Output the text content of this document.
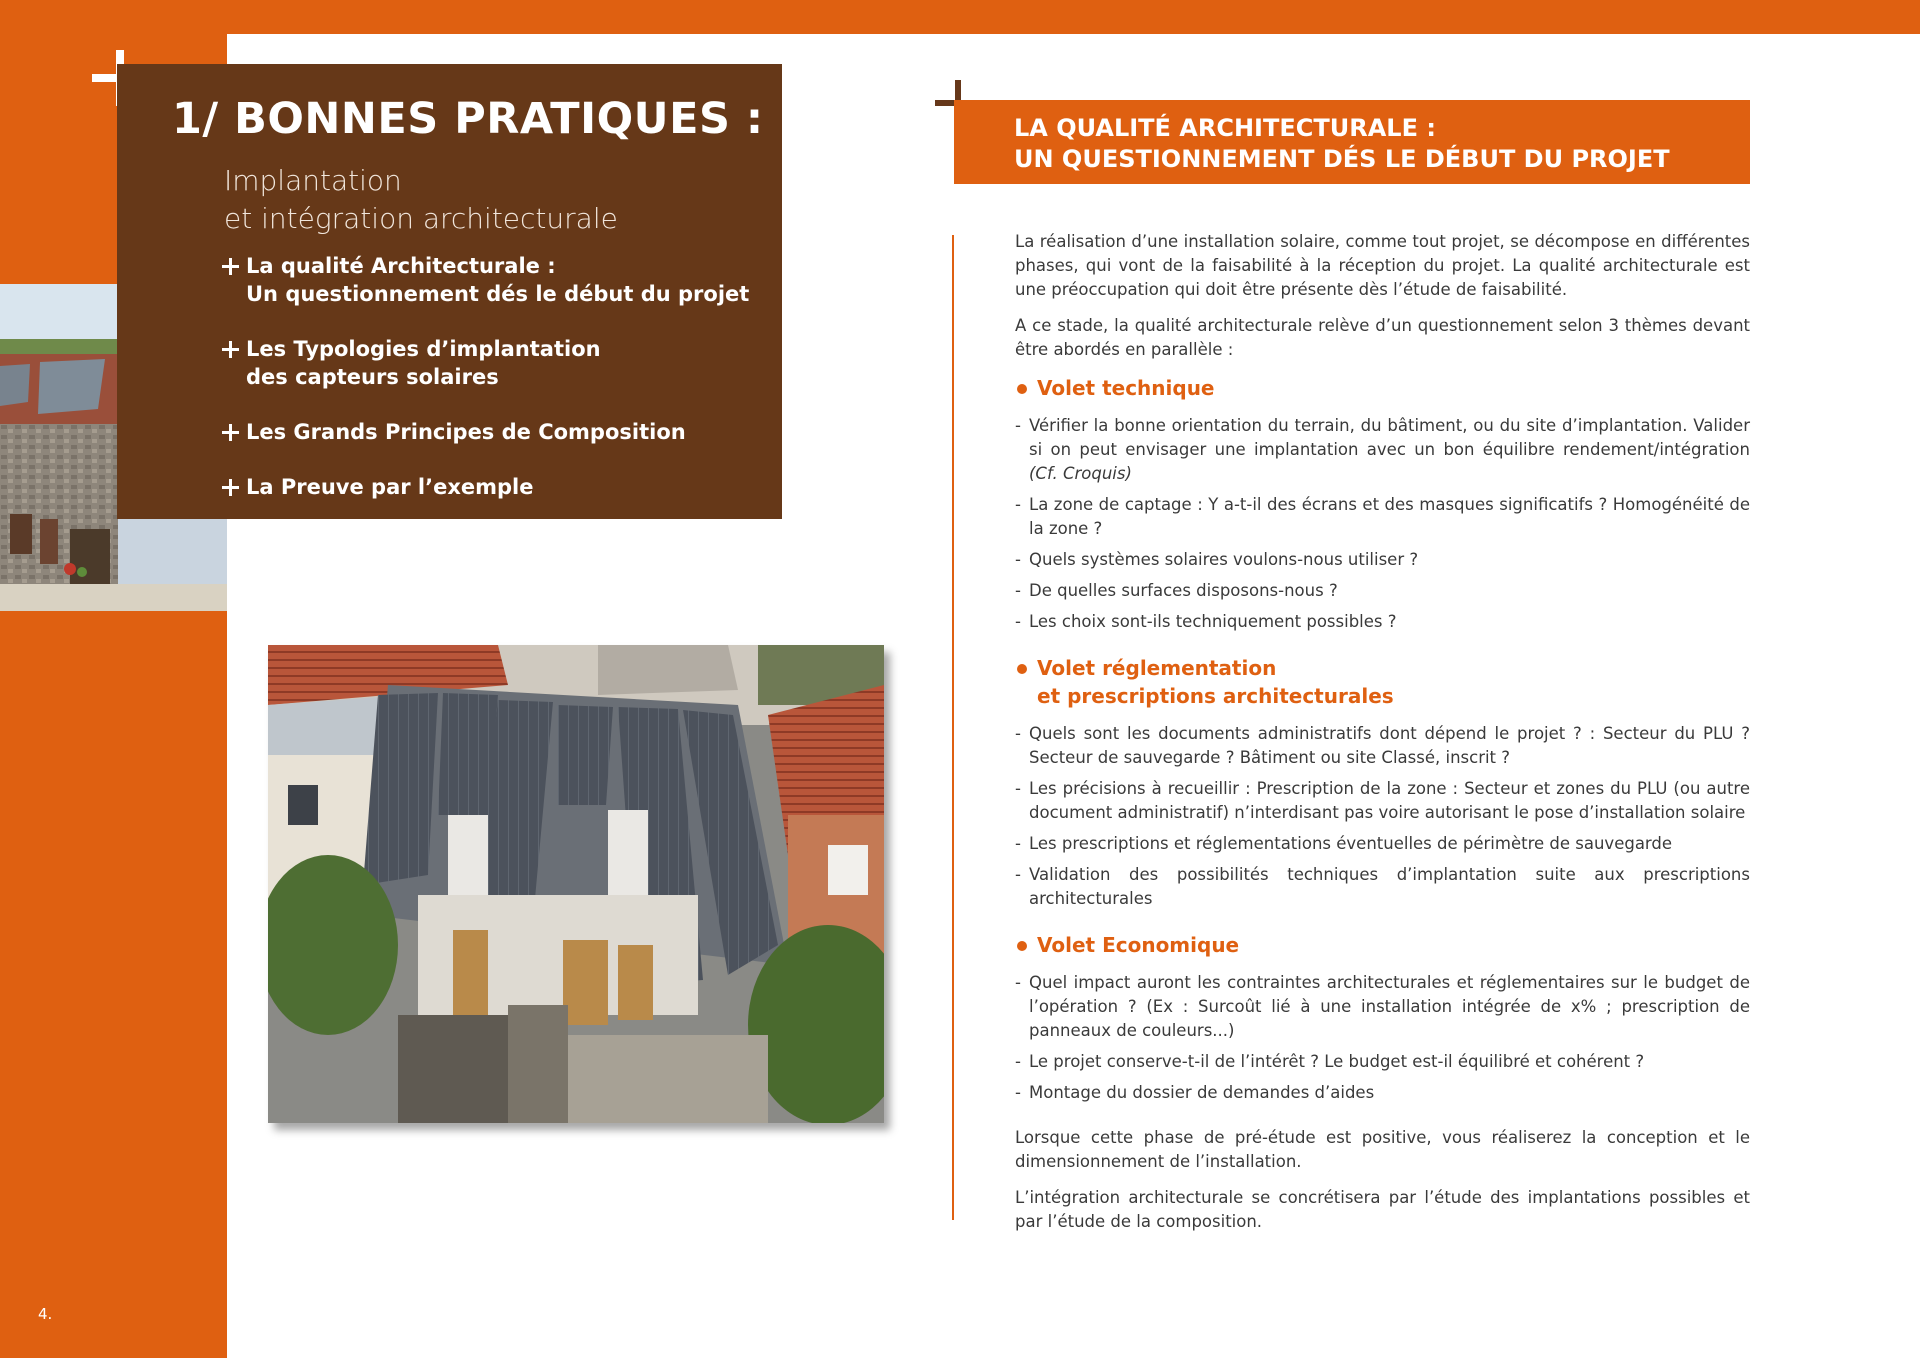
1/ BONNES PRATIQUES :
Implantation
et intégration architecturale
La qualité Architecturale :
Un questionnement dés le début du projet
Les Typologies d’implantation
des capteurs solaires
Les Grands Principes de Composition
La Preuve par l’exemple
4.
LA QUALITÉ ARCHITECTURALE :
UN QUESTIONNEMENT DÉS LE DÉBUT DU PROJET

La réalisation d’une installation solaire, comme tout projet, se décompose en différentes phases, qui vont de la faisabilité à la réception du projet. La qualité architecturale est une préoccupation qui doit être présente dès l’étude de faisabilité.

A ce stade, la qualité architecturale relève d’un questionnement selon 3 thèmes devant être abordés en parallèle :

Volet technique
- Vérifier la bonne orientation du terrain, du bâtiment, ou du site d’implantation. Valider si on peut envisager une implantation avec un bon équilibre rendement/intégration (Cf. Croquis)
- La zone de captage : Y a-t-il des écrans et des masques significatifs ? Homogénéité de la zone ?
- Quels systèmes solaires voulons-nous utiliser ?
- De quelles surfaces disposons-nous ?
- Les choix sont-ils techniquement possibles ?
Volet réglementation
et prescriptions architecturales
- Quels sont les documents administratifs dont dépend le projet ? : Secteur du PLU ? Secteur de sauvegarde ? Bâtiment ou site Classé, inscrit ?
- Les précisions à recueillir : Prescription de la zone : Secteur et zones du PLU (ou autre document administratif) n’interdisant pas voire autorisant le pose d’installation solaire
- Les prescriptions et réglementations éventuelles de périmètre de sauvegarde
- Validation des possibilités techniques d’implantation suite aux prescriptions architecturales
Volet Economique
- Quel impact auront les contraintes architecturales et réglementaires sur le budget de l’opération ? (Ex : Surcoût lié à une installation intégrée de x% ; prescription de panneaux de couleurs...)
- Le projet conserve-t-il de l’intérêt ? Le budget est-il équilibré et cohérent ?
- Montage du dossier de demandes d’aides

Lorsque cette phase de pré-étude est positive, vous réaliserez la conception et le dimensionnement de l’installation.

L’intégration architecturale se concrétisera par l’étude des implantations possibles et par l’étude de la composition.
